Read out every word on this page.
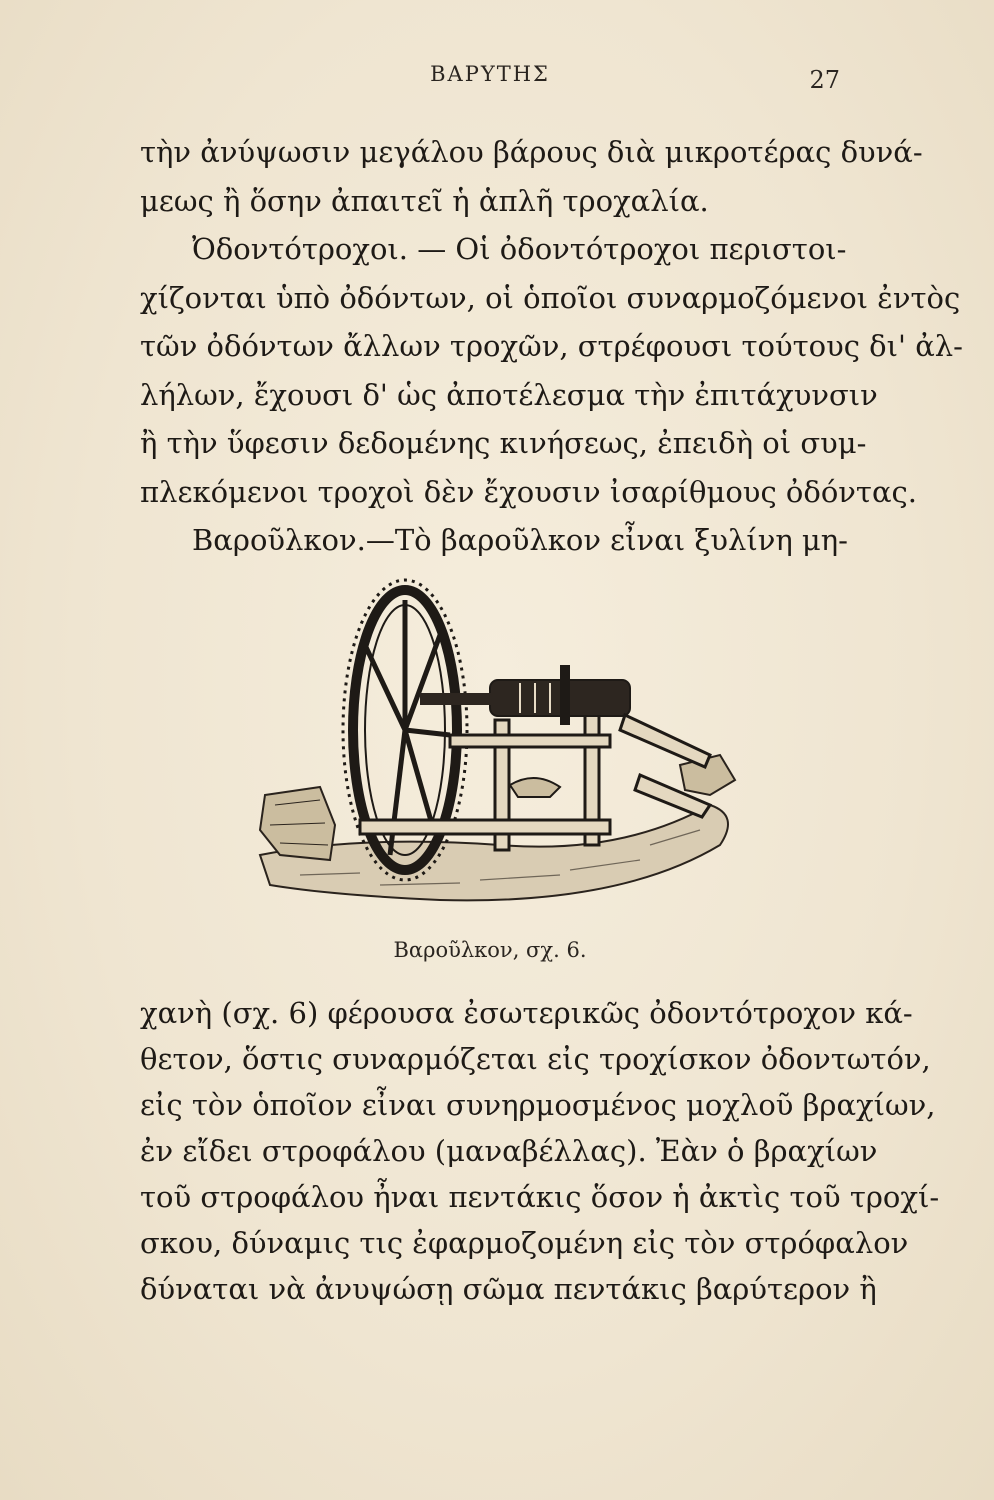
ΒΑΡΥΤΗΣ	27
τὴν ἀνύψωσιν μεγάλου βάρους διὰ μικροτέρας δυνά-
μεως ἢ ὅσην ἀπαιτεῖ ἡ ἁπλῆ τροχαλία.
Ὀδοντότροχοι. — Οἱ ὀδοντότροχοι περιστοι-
χίζονται ὑπὸ ὀδόντων, οἱ ὁποῖοι συναρμοζόμενοι ἐντὸς
τῶν ὀδόντων ἄλλων τροχῶν, στρέφουσι τούτους δι' ἀλ-
λήλων, ἔχουσι δ' ὡς ἀποτέλεσμα τὴν ἐπιτάχυνσιν
ἢ τὴν ὕφεσιν δεδομένης κινήσεως, ἐπειδὴ οἱ συμ-
πλεκόμενοι τροχοὶ δὲν ἔχουσιν ἰσαρίθμους ὀδόντας.
Βαροῦλκον.—Τὸ βαροῦλκον εἶναι ξυλίνη μη-
Βαροῦλκον, σχ. 6.
χανὴ (σχ. 6) φέρουσα ἐσωτερικῶς ὀδοντότροχον κά-
θετον, ὅστις συναρμόζεται εἰς τροχίσκον ὀδοντωτόν,
εἰς τὸν ὁποῖον εἶναι συνηρμοσμένος μοχλοῦ βραχίων,
ἐν εἴδει στροφάλου (μαναβέλλας). Ἐὰν ὁ βραχίων
τοῦ στροφάλου ἦναι πεντάκις ὅσον ἡ ἀκτὶς τοῦ τροχί-
σκου, δύναμις τις ἐφαρμοζομένη εἰς τὸν στρόφαλον
δύναται νὰ ἀνυψώσῃ σῶμα πεντάκις βαρύτερον ἢ
